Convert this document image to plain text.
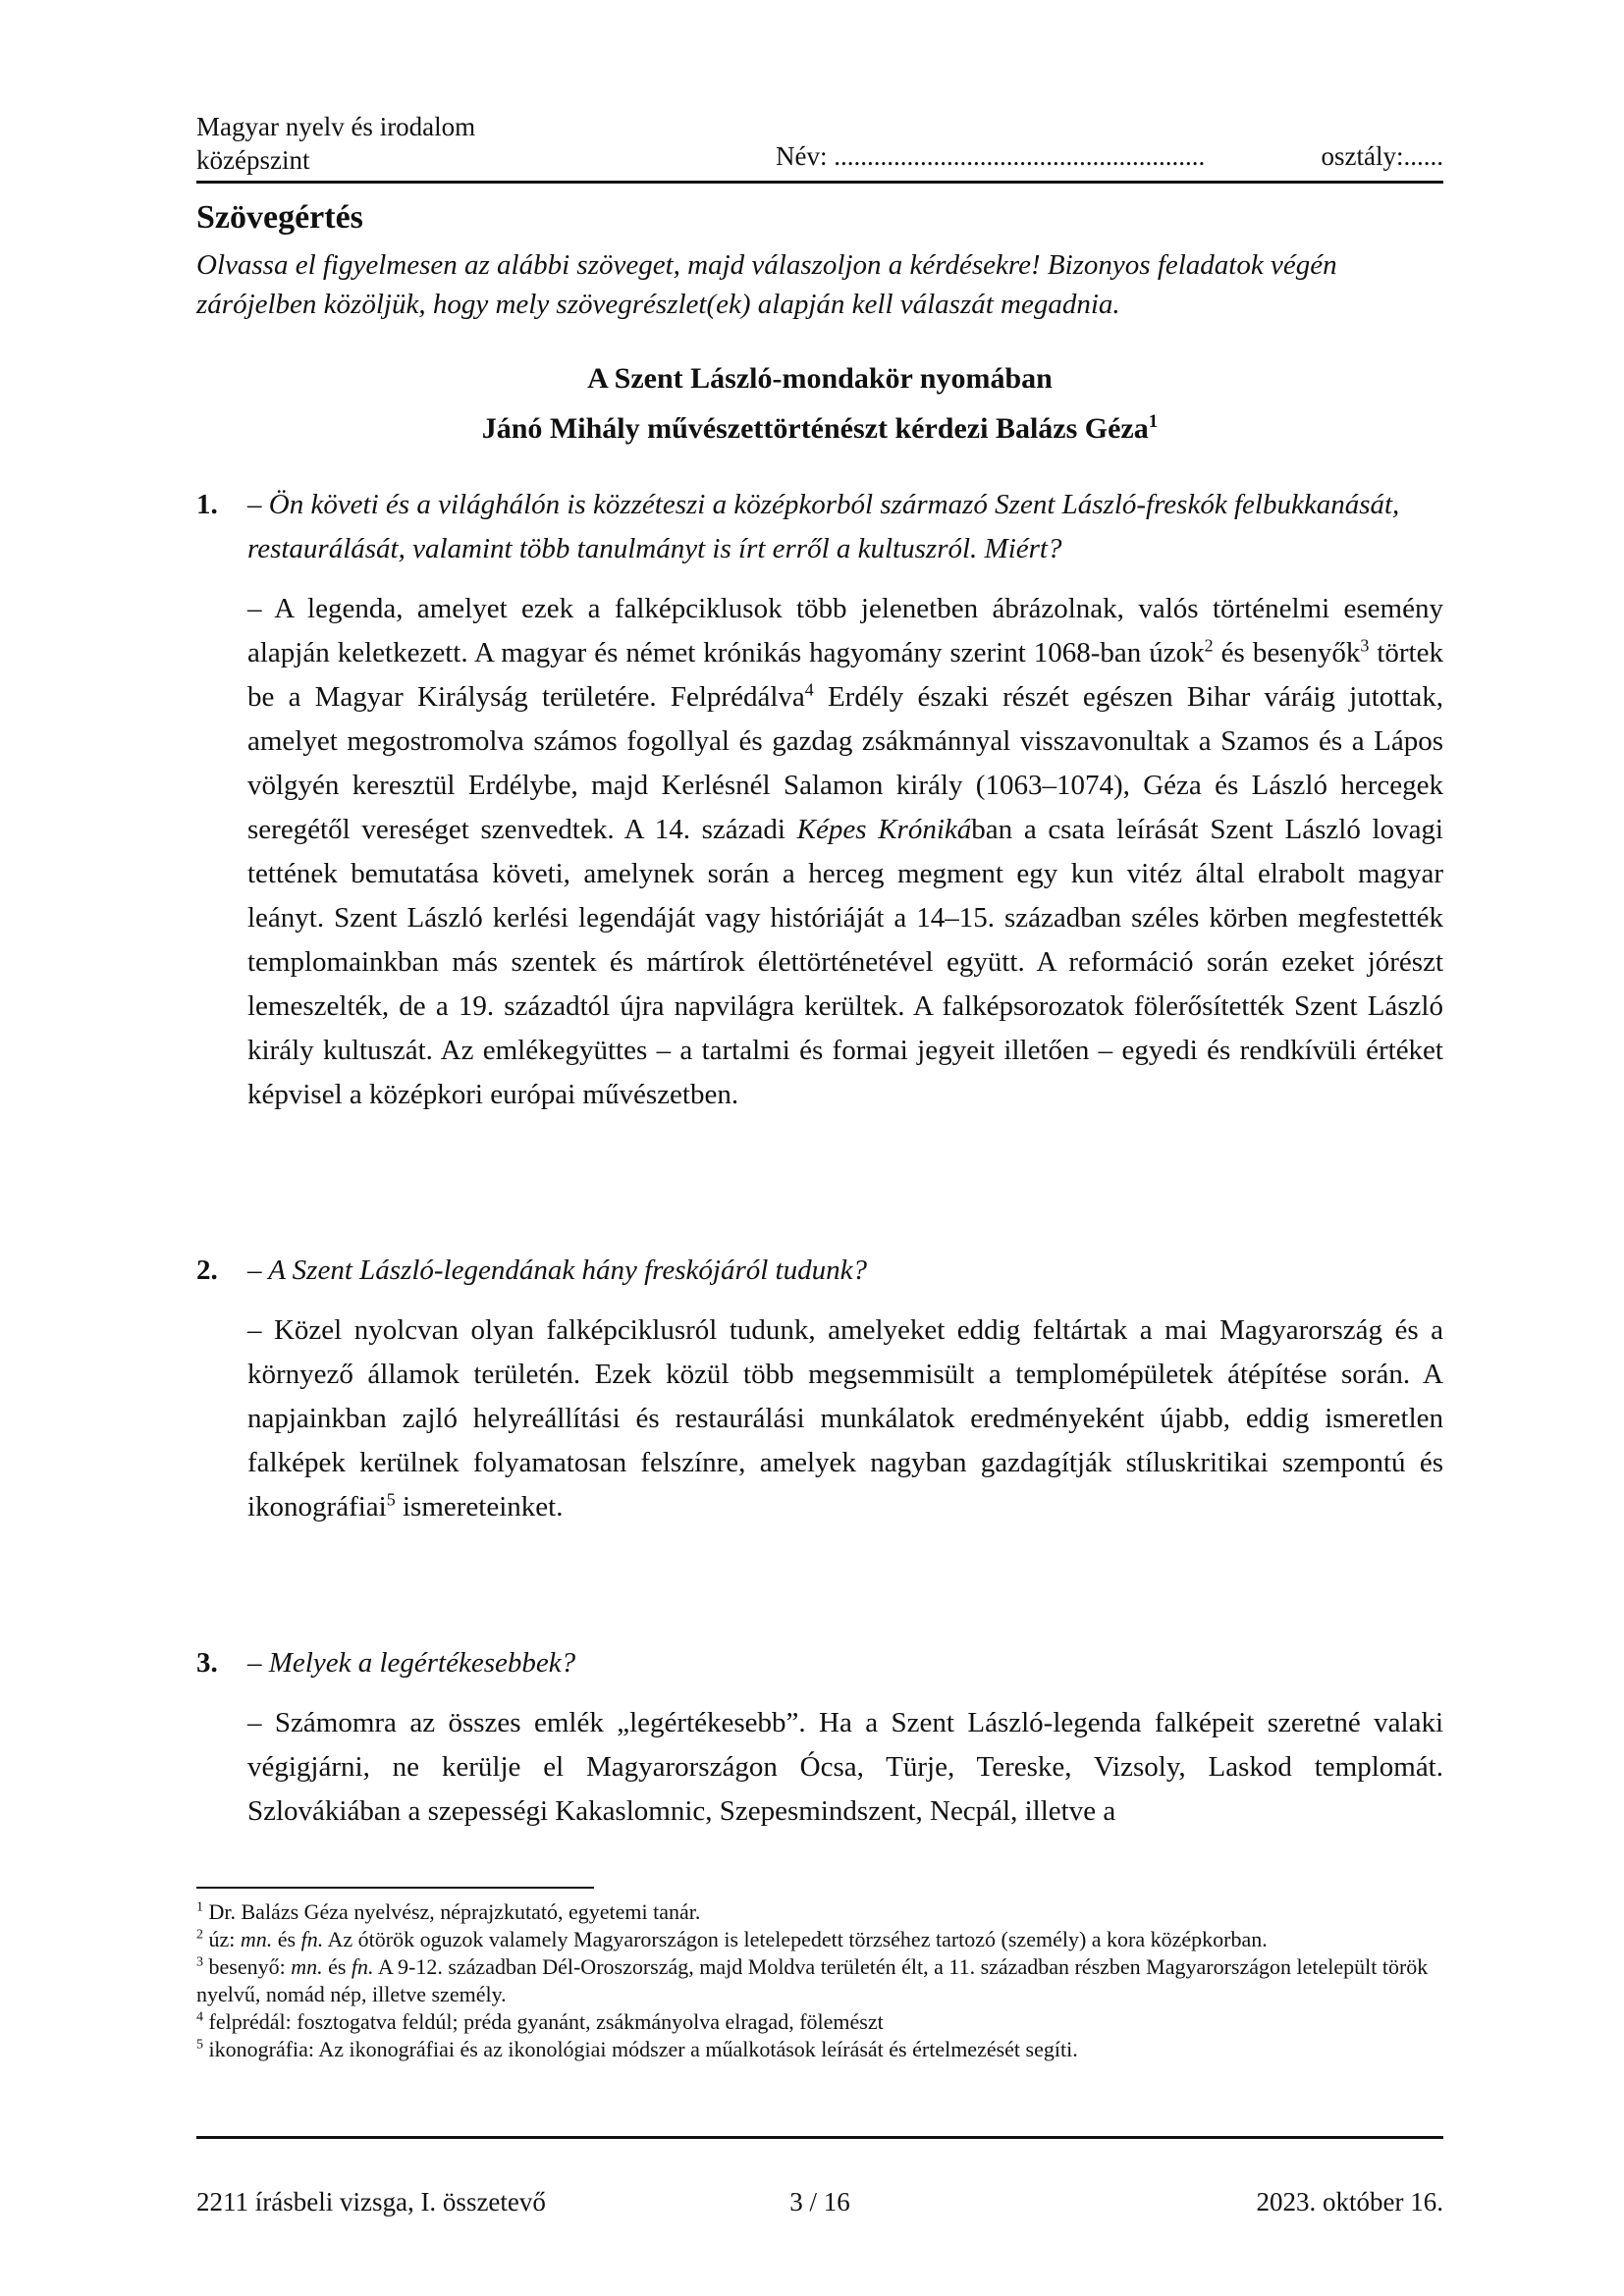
Magyar nyelv és irodalom
középszint	Név: ........................................................	osztály:......
Szövegértés
Olvassa el figyelmesen az alábbi szöveget, majd válaszoljon a kérdésekre! Bizonyos feladatok végén zárójelben közöljük, hogy mely szövegrészlet(ek) alapján kell válaszát megadnia.
A Szent László-mondakör nyomában
Jánó Mihály művészettörténészt kérdezi Balázs Géza$^1$
1. – Ön követi és a világhálón is közzéteszi a középkorból származó Szent László-freskók felbukkanását, restaurálását, valamint több tanulmányt is írt erről a kultuszról. Miért?
– A legenda, amelyet ezek a falképciklusok több jelenetben ábrázolnak, valós történelmi esemény alapján keletkezett. A magyar és német krónikás hagyomány szerint 1068-ban úzok$^2$ és besenyők$^3$ törtek be a Magyar Királyság területére. Felprédálva$^4$ Erdély északi részét egészen Bihar váráig jutottak, amelyet megostromolva számos fogollyal és gazdag zsákmánnyal visszavonultak a Szamos és a Lápos völgyén keresztül Erdélybe, majd Kerlésnél Salamon király (1063–1074), Géza és László hercegek seregétől vereséget szenvedtek. A 14. századi Képes Krónikában a csata leírását Szent László lovagi tettének bemutatása követi, amelynek során a herceg megment egy kun vitéz által elrabolt magyar leányt. Szent László kerlési legendáját vagy históriáját a 14–15. században széles körben megfestették templomainkban más szentek és mártírok élettörténetével együtt. A reformáció során ezeket jórészt lemeszelték, de a 19. századtól újra napvilágra kerültek. A falképsorozatok fölerősítették Szent László király kultuszát. Az emlékegyüttes – a tartalmi és formai jegyeit illetően – egyedi és rendkívüli értéket képvisel a középkori európai művészetben.
2. – A Szent László-legendának hány freskójáról tudunk?
– Közel nyolcvan olyan falképciklusról tudunk, amelyeket eddig feltártak a mai Magyarország és a környező államok területén. Ezek közül több megsemmisült a templomépületek átépítése során. A napjainkban zajló helyreállítási és restaurálási munkálatok eredményeként újabb, eddig ismeretlen falképek kerülnek folyamatosan felszínre, amelyek nagyban gazdagítják stíluskritikai szempontú és ikonográfiai$^5$ ismereteinket.
3. – Melyek a legértékesebbek?
– Számomra az összes emlék „legértékesebb”. Ha a Szent László-legenda falképeit szeretné valaki végigjárni, ne kerülje el Magyarországon Ócsa, Türje, Tereske, Vizsoly, Laskod templomát. Szlovákiában a szepességi Kakaslomnic, Szepesmindszent, Necpál, illetve a

$^1$ Dr. Balázs Géza nyelvész, néprajzkutató, egyetemi tanár.

$^2$ úz: mn. és fn. Az ótörök oguzok valamely Magyarországon is letelepedett törzséhez tartozó (személy) a kora középkorban.

$^3$ besenyő: mn. és fn. A 9-12. században Dél-Oroszország, majd Moldva területén élt, a 11. században részben Magyarországon letelepült török nyelvű, nomád nép, illetve személy.

$^4$ felprédál: fosztogatva feldúl; préda gyanánt, zsákmányolva elragad, fölemészt

$^5$ ikonográfia: Az ikonográfiai és az ikonológiai módszer a műalkotások leírását és értelmezését segíti.

2211 írásbeli vizsga, I. összetevő	3 / 16	2023. október 16.
